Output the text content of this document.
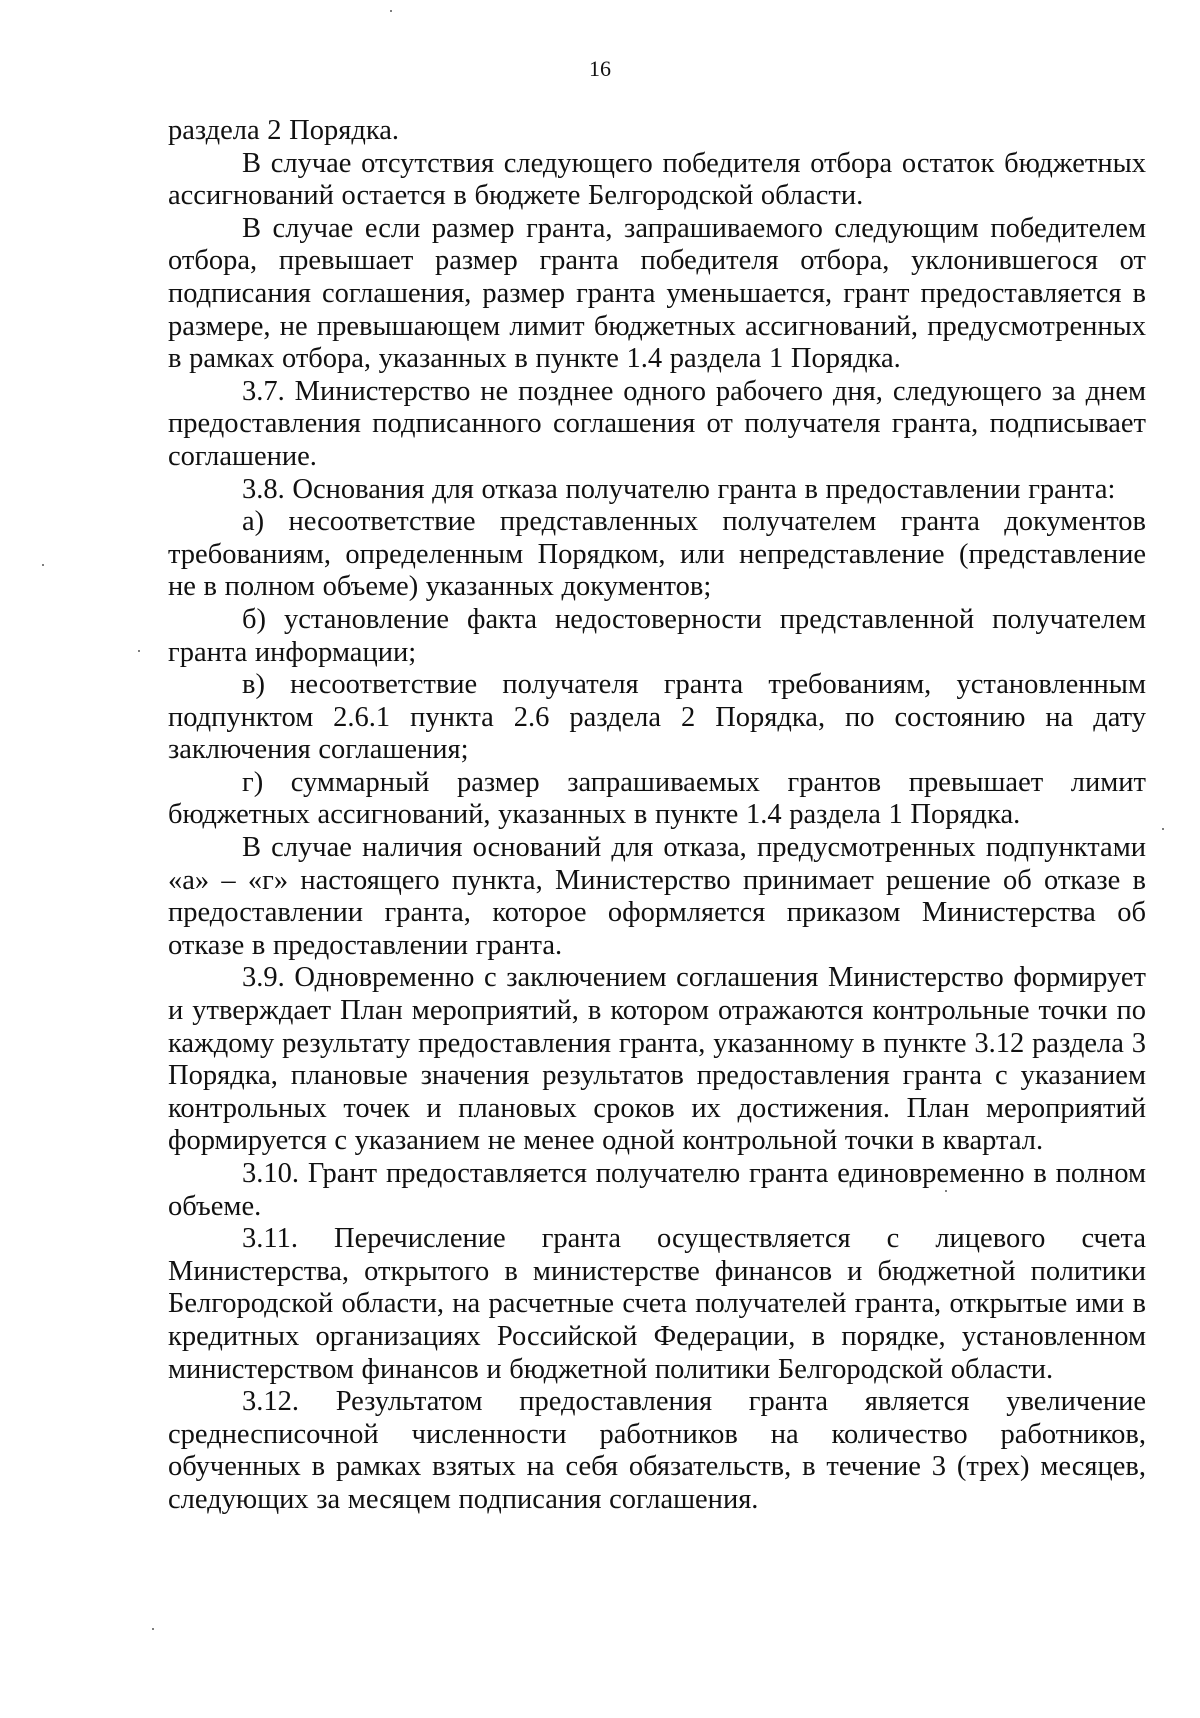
16

раздела 2 Порядка.

В случае отсутствия следующего победителя отбора остаток бюджетных ассигнований остается в бюджете Белгородской области.

В случае если размер гранта, запрашиваемого следующим победителем отбора, превышает размер гранта победителя отбора, уклонившегося от подписания соглашения, размер гранта уменьшается, грант предоставляется в размере, не превышающем лимит бюджетных ассигнований, предусмотренных в рамках отбора, указанных в пункте 1.4 раздела 1 Порядка.

3.7. Министерство не позднее одного рабочего дня, следующего за днем предоставления подписанного соглашения от получателя гранта, подписывает соглашение.

3.8. Основания для отказа получателю гранта в предоставлении гранта:

а) несоответствие представленных получателем гранта документов требованиям, определенным Порядком, или непредставление (представление не в полном объеме) указанных документов;

б) установление факта недостоверности представленной получателем гранта информации;

в) несоответствие получателя гранта требованиям, установленным подпунктом 2.6.1 пункта 2.6 раздела 2 Порядка, по состоянию на дату заключения соглашения;

г) суммарный размер запрашиваемых грантов превышает лимит бюджетных ассигнований, указанных в пункте 1.4 раздела 1 Порядка.

В случае наличия оснований для отказа, предусмотренных подпунктами «а» – «г» настоящего пункта, Министерство принимает решение об отказе в предоставлении гранта, которое оформляется приказом Министерства об отказе в предоставлении гранта.

3.9. Одновременно с заключением соглашения Министерство формирует и утверждает План мероприятий, в котором отражаются контрольные точки по каждому результату предоставления гранта, указанному в пункте 3.12 раздела 3 Порядка, плановые значения результатов предоставления гранта с указанием контрольных точек и плановых сроков их достижения. План мероприятий формируется с указанием не менее одной контрольной точки в квартал.

3.10. Грант предоставляется получателю гранта единовременно в полном объеме.

3.11. Перечисление гранта осуществляется с лицевого счета Министерства, открытого в министерстве финансов и бюджетной политики Белгородской области, на расчетные счета получателей гранта, открытые ими в кредитных организациях Российской Федерации, в порядке, установленном министерством финансов и бюджетной политики Белгородской области.

3.12. Результатом предоставления гранта является увеличение среднесписочной численности работников на количество работников, обученных в рамках взятых на себя обязательств, в течение 3 (трех) месяцев, следующих за месяцем подписания соглашения.
